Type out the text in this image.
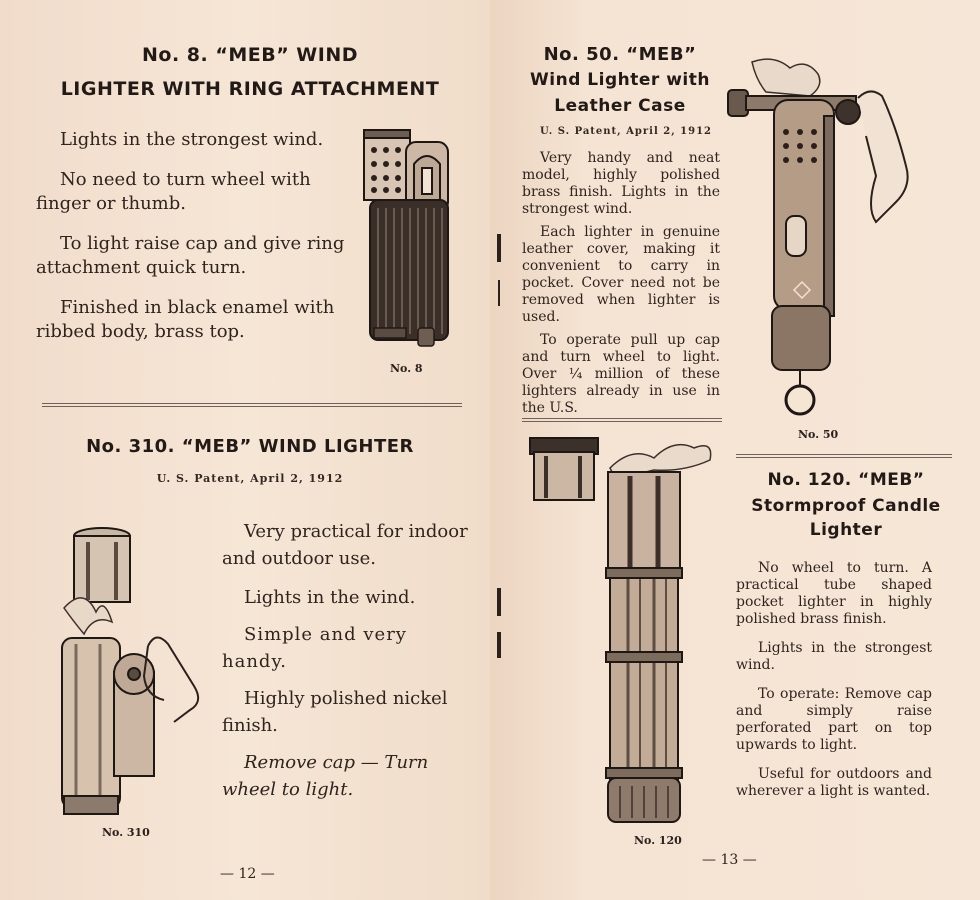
No. 8. “MEB” WIND
LIGHTER WITH RING ATTACHMENT

Lights in the strongest wind.

No need to turn wheel with finger or thumb.

To light raise cap and give ring attachment quick turn.

Finished in black enamel with ribbed body, brass top.

No. 8
No. 310. “MEB” WIND LIGHTER
U. S. Patent, April 2, 1912

Very practical for indoor and outdoor use.

Lights in the wind.

Simple and very handy.

Highly polished nickel finish.

Remove cap — Turn wheel to light.

No. 310
— 12 —
No. 50. “MEB”
Wind Lighter with
Leather Case
U. S. Patent, April 2, 1912

Very handy and neat model, highly polished brass finish. Lights in the strongest wind.

Each lighter in genuine leather cover, making it convenient to carry in pocket. Cover need not be removed when lighter is used.

To operate pull up cap and turn wheel to light. Over ¼ million of these lighters already in use in the U.S.

No. 50
No. 120. “MEB”
Stormproof Candle
Lighter

No wheel to turn. A practical tube shaped pocket lighter in highly polished brass finish.

Lights in the strongest wind.

To operate: Remove cap and simply raise perforated part on top upwards to light.

Useful for outdoors and wherever a light is wanted.

No. 120
— 13 —
